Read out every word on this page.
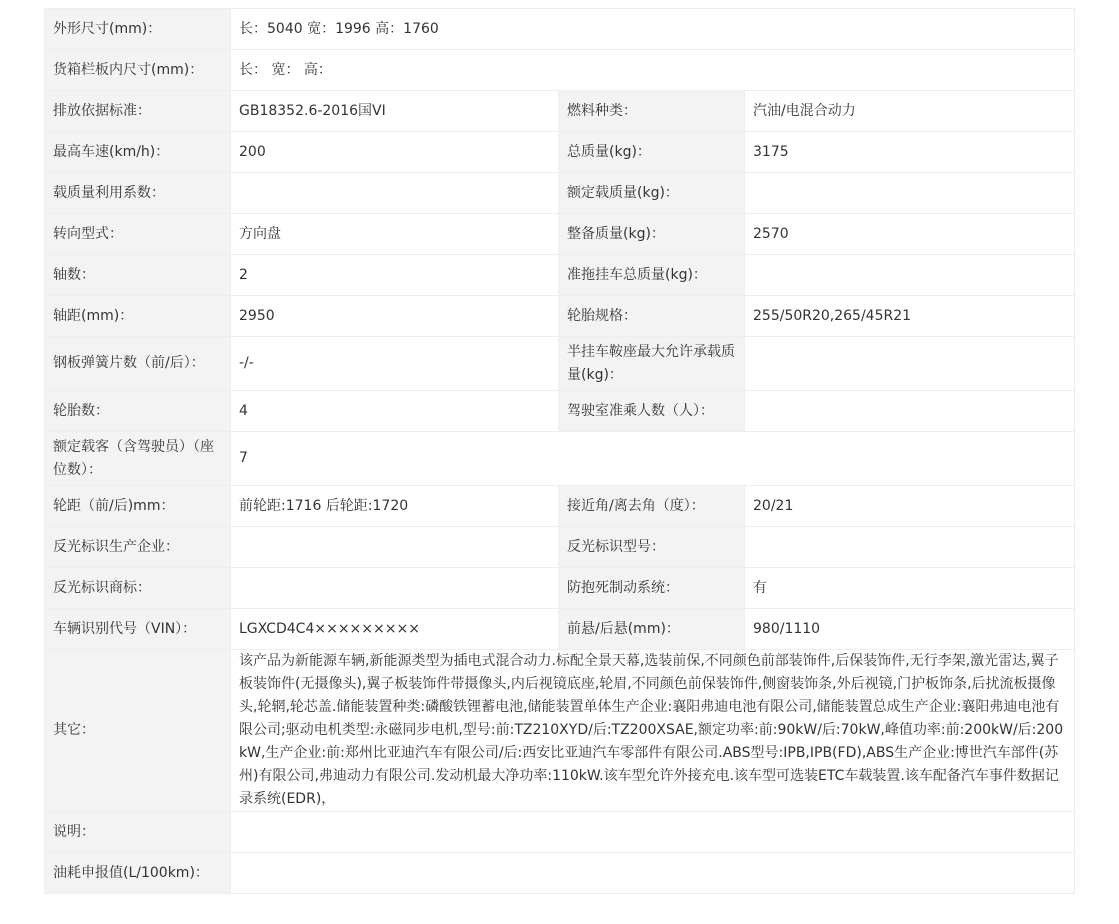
外形尺寸(mm)：	长：5040 宽：1996 高：1760		
货箱栏板内尺寸(mm)：	长： 宽： 高：		
排放依据标准：	GB18352.6-2016国VI	燃料种类：	汽油/电混合动力
最高车速(km/h)：	200	总质量(kg)：	3175
载质量利用系数：		额定载质量(kg)：	
转向型式：	方向盘	整备质量(kg)：	2570
轴数：	2	准拖挂车总质量(kg)：	
轴距(mm)：	2950	轮胎规格：	255/50R20,265/45R21
钢板弹簧片数（前/后）：	-/-	半挂车鞍座最大允许承载质量(kg)：	
轮胎数：	4	驾驶室准乘人数（人）：	
额定载客（含驾驶员）（座位数）：	7		
轮距（前/后)mm：	前轮距:1716 后轮距:1720	接近角/离去角（度）：	20/21
反光标识生产企业：		反光标识型号：	
反光标识商标：		防抱死制动系统：	有
车辆识别代号（VIN）：	LGXCD4C4×××××××××	前悬/后悬(mm)：	980/1110
其它：	该产品为新能源车辆,新能源类型为插电式混合动力.标配全景天幕,选装前保,不同颜色前部装饰件,后保装饰件,无行李架,激光雷达,翼子板装饰件(无摄像头),翼子板装饰件带摄像头,内后视镜底座,轮眉,不同颜色前保装饰件,侧窗装饰条,外后视镜,门护板饰条,后扰流板摄像头,轮辋,轮芯盖.储能装置种类:磷酸铁锂蓄电池,储能装置单体生产企业:襄阳弗迪电池有限公司,储能装置总成生产企业:襄阳弗迪电池有限公司;驱动电机类型:永磁同步电机,型号:前:TZ210XYD/后:TZ200XSAE,额定功率:前:90kW/后:70kW,峰值功率:前:200kW/后:200kW,生产企业:前:郑州比亚迪汽车有限公司/后:西安比亚迪汽车零部件有限公司.ABS型号:IPB,IPB(FD),ABS生产企业:博世汽车部件(苏州)有限公司,弗迪动力有限公司.发动机最大净功率:110kW.该车型允许外接充电.该车型可选装ETC车载装置.该车配备汽车事件数据记录系统(EDR)，		
说明：			
油耗申报值(L/100km)：			
